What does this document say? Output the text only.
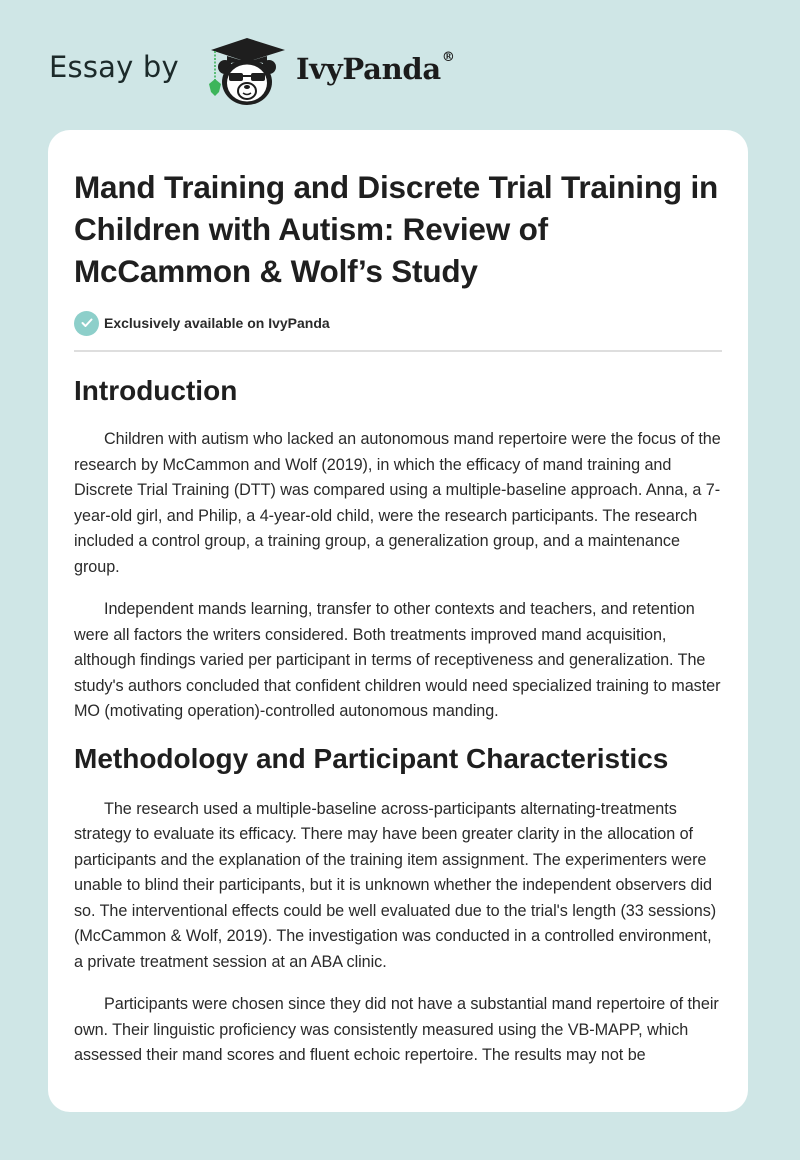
Essay by	IvyPanda®
Mand Training and Discrete Trial Training in Children with Autism: Review of McCammon & Wolf’s Study
Exclusively available on IvyPanda
Introduction

Children with autism who lacked an autonomous mand repertoire were the focus of the research by McCammon and Wolf (2019), in which the efficacy of mand training and Discrete Trial Training (DTT) was compared using a multiple-baseline approach. Anna, a 7-year-old girl, and Philip, a 4-year-old child, were the research participants. The research included a control group, a training group, a generalization group, and a maintenance group.

Independent mands learning, transfer to other contexts and teachers, and retention were all factors the writers considered. Both treatments improved mand acquisition, although findings varied per participant in terms of receptiveness and generalization. The study's authors concluded that confident children would need specialized training to master MO (motivating operation)-controlled autonomous manding.

Methodology and Participant Characteristics

The research used a multiple-baseline across-participants alternating-treatments strategy to evaluate its efficacy. There may have been greater clarity in the allocation of participants and the explanation of the training item assignment. The experimenters were unable to blind their participants, but it is unknown whether the independent observers did so. The interventional effects could be well evaluated due to the trial's length (33 sessions) (McCammon & Wolf, 2019). The investigation was conducted in a controlled environment, a private treatment session at an ABA clinic.

Participants were chosen since they did not have a substantial mand repertoire of their own. Their linguistic proficiency was consistently measured using the VB-MAPP, which assessed their mand scores and fluent echoic repertoire. The results may not be
